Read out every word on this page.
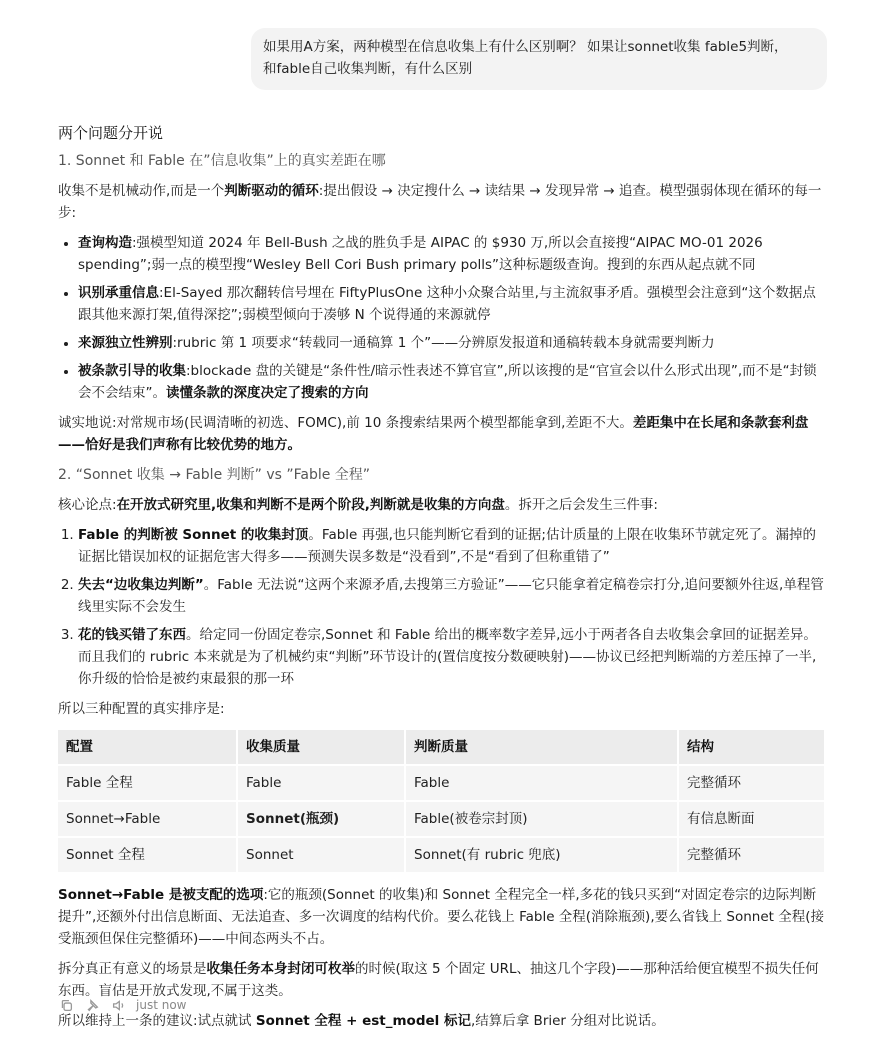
如果用A方案，两种模型在信息收集上有什么区别啊？ 如果让sonnet收集 fable5判断，
和fable自己收集判断，有什么区别
两个问题分开说
1. Sonnet 和 Fable 在”信息收集”上的真实差距在哪

收集不是机械动作,而是一个判断驱动的循环:提出假设 → 决定搜什么 → 读结果 → 发现异常 → 追查。模型强弱体现在循环的每一步:

• 查询构造:强模型知道 2024 年 Bell-Bush 之战的胜负手是 AIPAC 的 $930 万,所以会直接搜“AIPAC MO-01 2026 spending”;弱一点的模型搜“Wesley Bell Cori Bush primary polls”这种标题级查询。搜到的东西从起点就不同
• 识别承重信息:El-Sayed 那次翻转信号埋在 FiftyPlusOne 这种小众聚合站里,与主流叙事矛盾。强模型会注意到“这个数据点跟其他来源打架,值得深挖”;弱模型倾向于凑够 N 个说得通的来源就停
• 来源独立性辨别:rubric 第 1 项要求“转载同一通稿算 1 个”——分辨原发报道和通稿转载本身就需要判断力
• 被条款引导的收集:blockade 盘的关键是“条件性/暗示性表述不算官宣”,所以该搜的是“官宣会以什么形式出现”,而不是“封锁会不会结束”。读懂条款的深度决定了搜索的方向

诚实地说:对常规市场(民调清晰的初选、FOMC),前 10 条搜索结果两个模型都能拿到,差距不大。差距集中在长尾和条款套利盘——恰好是我们声称有比较优势的地方。

2. “Sonnet 收集 → Fable 判断” vs ”Fable 全程”

核心论点:在开放式研究里,收集和判断不是两个阶段,判断就是收集的方向盘。拆开之后会发生三件事:

1. Fable 的判断被 Sonnet 的收集封顶。Fable 再强,也只能判断它看到的证据;估计质量的上限在收集环节就定死了。漏掉的证据比错误加权的证据危害大得多——预测失误多数是“没看到”,不是“看到了但称重错了”
2. 失去“边收集边判断”。Fable 无法说“这两个来源矛盾,去搜第三方验证”——它只能拿着定稿卷宗打分,追问要额外往返,单程管线里实际不会发生
3. 花的钱买错了东西。给定同一份固定卷宗,Sonnet 和 Fable 给出的概率数字差异,远小于两者各自去收集会拿回的证据差异。而且我们的 rubric 本来就是为了机械约束“判断”环节设计的(置信度按分数硬映射)——协议已经把判断端的方差压掉了一半,你升级的恰恰是被约束最狠的那一环

所以三种配置的真实排序是:

配置	收集质量	判断质量	结构
Fable 全程	Fable	Fable	完整循环
Sonnet→Fable	Sonnet(瓶颈)	Fable(被卷宗封顶)	有信息断面
Sonnet 全程	Sonnet	Sonnet(有 rubric 兜底)	完整循环

Sonnet→Fable 是被支配的选项:它的瓶颈(Sonnet 的收集)和 Sonnet 全程完全一样,多花的钱只买到“对固定卷宗的边际判断提升”,还额外付出信息断面、无法追查、多一次调度的结构代价。要么花钱上 Fable 全程(消除瓶颈),要么省钱上 Sonnet 全程(接受瓶颈但保住完整循环)——中间态两头不占。

拆分真正有意义的场景是收集任务本身封闭可枚举的时候(取这 5 个固定 URL、抽这几个字段)——那种活给便宜模型不损失任何东西。盲估是开放式发现,不属于这类。

所以维持上一条的建议:试点就试 Sonnet 全程 + est_model 标记,结算后拿 Brier 分组对比说话。

just now
